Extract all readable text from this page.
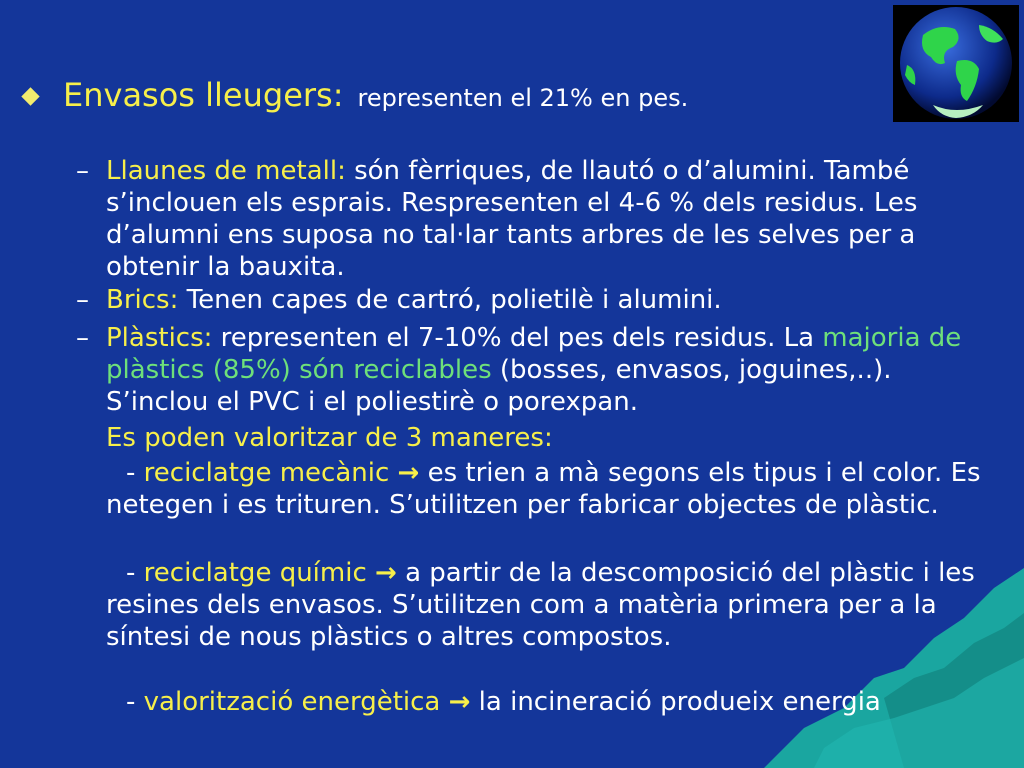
Envasos lleugers: representen el 21% en pes.
– Llaunes de metall: són fèrriques, de llautó o d’alumini. També s’inclouen els esprais. Respresenten el 4-6 % dels residus. Les d’alumni ens suposa no tal·lar tants arbres de les selves per a obtenir la bauxita.
– Brics: Tenen capes de cartró, polietilè i alumini.
– Plàstics: representen el 7-10% del pes dels residus. La majoria de plàstics (85%) són reciclables (bosses, envasos, joguines,..). S’inclou el PVC i el poliestirè o porexpan.
Es poden valoritzar de 3 maneres:
- reciclatge mecànic → es trien a mà segons els tipus i el color. Es netegen i es trituren. S’utilitzen per fabricar objectes de plàstic.
- reciclatge químic → a partir de la descomposició del plàstic i les resines dels envasos. S’utilitzen com a matèria primera per a la síntesi de nous plàstics o altres compostos.
- valorització energètica → la incineració produeix energia
